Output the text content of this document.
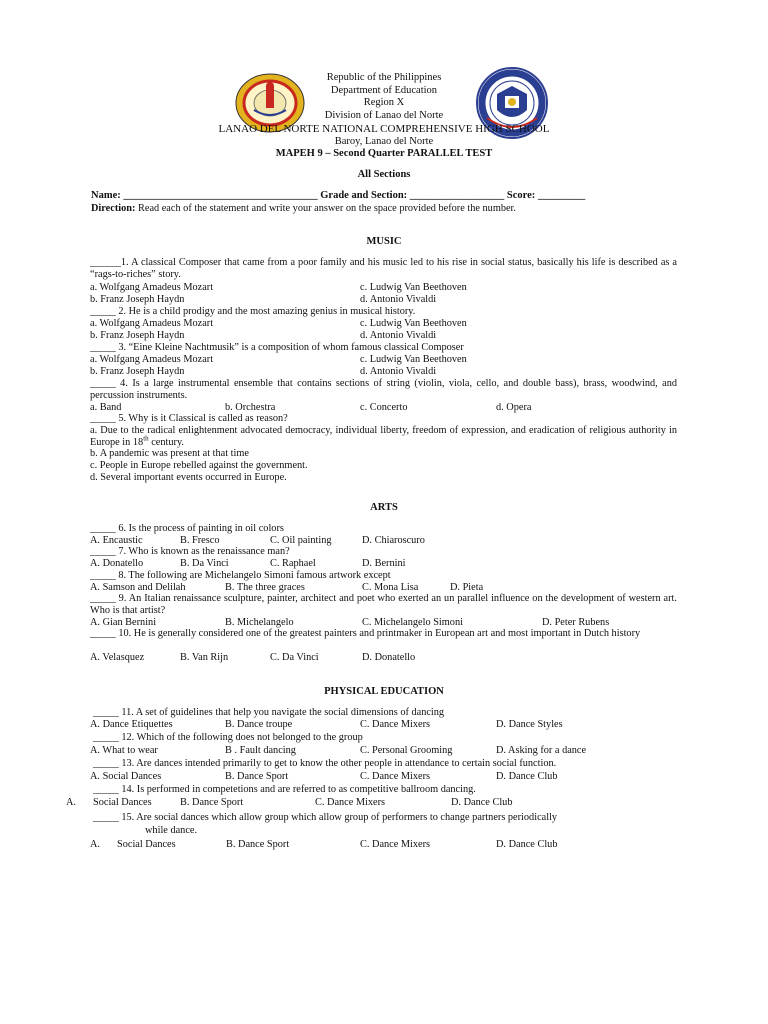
Republic of the Philippines
Department of Education
Region X
Division of Lanao del Norte
LANAO DEL NORTE NATIONAL COMPREHENSIVE HIGH SCHOOL
Baroy, Lanao del Norte
MAPEH 9 – Second Quarter PARALLEL TEST
All Sections
Name: _____________________________________ Grade and Section: __________________ Score: _________
Direction: Read each of the statement and write your answer on the space provided before the number.
MUSIC
______1. A classical Composer that came from a poor family and his music led to his rise in social status, basically his life is described as a “rags-to-riches” story.
a. Wolfgang Amadeus Mozart	c. Ludwig Van Beethoven
b. Franz Joseph Haydn	d. Antonio Vivaldi
_____ 2. He is a child prodigy and the most amazing genius in musical history.
a. Wolfgang Amadeus Mozart	c. Ludwig Van Beethoven
b. Franz Joseph Haydn	d. Antonio Vivaldi
_____ 3. “Eine Kleine Nachtmusik” is a composition of whom famous classical Composer
a. Wolfgang Amadeus Mozart	c. Ludwig Van Beethoven
b. Franz Joseph Haydn	d. Antonio Vivaldi
_____ 4. Is a large instrumental ensemble that contains sections of string (violin, viola, cello, and double bass), brass, woodwind, and percussion instruments.
a. Band	b. Orchestra	c. Concerto	d. Opera
_____ 5. Why is it Classical is called as reason?
a. Due to the radical enlightenment advocated democracy, individual liberty, freedom of expression, and eradication of religious authority in Europe in 18th century.
b. A pandemic was present at that time
c. People in Europe rebelled against the government.
d. Several important events occurred in Europe.
ARTS
_____ 6. Is the process of painting in oil colors
A. Encaustic	B. Fresco	C. Oil painting	D. Chiaroscuro
_____ 7. Who is known as the renaissance man?
A. Donatello	B. Da Vinci	C. Raphael	D. Bernini
_____ 8. The following are Michelangelo Simoni famous artwork except
A. Samson and Delilah	B. The three graces	C. Mona Lisa	D. Pieta
_____ 9. An Italian renaissance sculpture, painter, architect and poet who exerted an un parallel influence on the development of western art. Who is that artist?
A. Gian Bernini	B. Michelangelo	C. Michelangelo Simoni	D. Peter Rubens
_____ 10. He is generally considered one of the greatest painters and printmaker in European art and most important in Dutch history
A. Velasquez	B. Van Rijn	C. Da Vinci	D. Donatello
PHYSICAL EDUCATION
_____ 11. A set of guidelines that help you navigate the social dimensions of dancing
A. Dance Etiquettes	B. Dance troupe	C. Dance Mixers	D. Dance Styles
_____ 12. Which of the following does not belonged to the group
A. What to wear	B . Fault dancing	C. Personal Grooming	D. Asking for a dance
_____ 13. Are dances intended primarily to get to know the other people in attendance to certain social function.
A. Social Dances	B. Dance Sport	C. Dance Mixers	D. Dance Club
_____ 14. Is performed in competetions and are referred to as competitive ballroom dancing.
A. Social Dances	B. Dance Sport	C. Dance Mixers	D. Dance Club
_____ 15. Are social dances which allow group which allow group of performers to change partners periodically
while dance.
A. Social Dances	B. Dance Sport	C. Dance Mixers	D. Dance Club
